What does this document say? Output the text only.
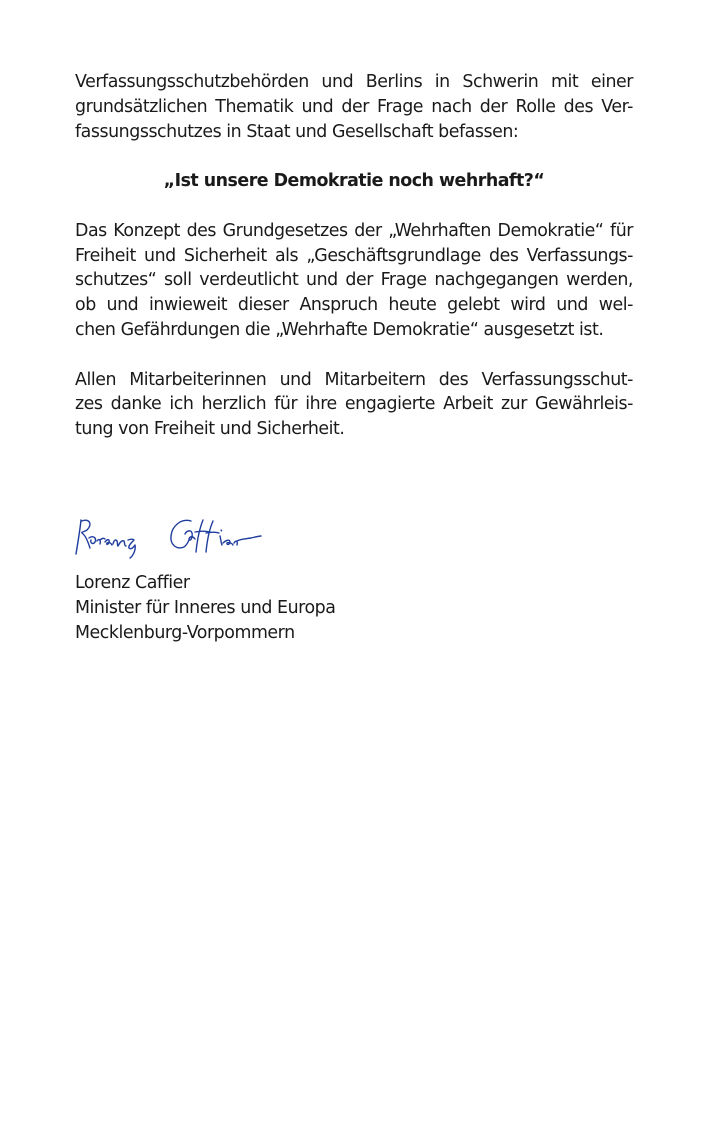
Verfassungsschutzbehörden und Berlins in Schwerin mit einer
grundsätzlichen Thematik und der Frage nach der Rolle des Ver-
fassungsschutzes in Staat und Gesellschaft befassen:
„Ist unsere Demokratie noch wehrhaft?“
Das Konzept des Grundgesetzes der „Wehrhaften Demokratie“ für
Freiheit und Sicherheit als „Geschäftsgrundlage des Verfassungs-
schutzes“ soll verdeutlicht und der Frage nachgegangen werden,
ob und inwieweit dieser Anspruch heute gelebt wird und wel-
chen Gefährdungen die „Wehrhafte Demokratie“ ausgesetzt ist.
Allen Mitarbeiterinnen und Mitarbeitern des Verfassungsschut-
zes danke ich herzlich für ihre engagierte Arbeit zur Gewährleis-
tung von Freiheit und Sicherheit.
Lorenz Caffier
Minister für Inneres und Europa
Mecklenburg-Vorpommern
